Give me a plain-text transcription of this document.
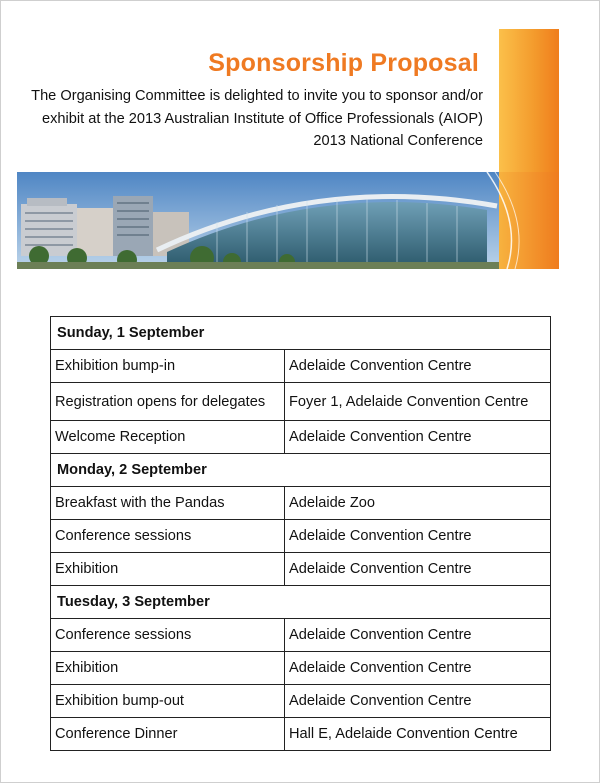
Sponsorship Proposal
The Organising Committee is delighted to invite you to sponsor and/or
exhibit at the 2013 Australian Institute of Office Professionals (AIOP)
2013 National Conference
Sunday, 1 September	
Exhibition bump-in	Adelaide Convention Centre
Registration opens for delegates	Foyer 1, Adelaide Convention Centre
Welcome Reception	Adelaide Convention Centre
Monday, 2 September	
Breakfast with the Pandas	Adelaide Zoo
Conference sessions	Adelaide Convention Centre
Exhibition	Adelaide Convention Centre
Tuesday, 3 September	
Conference sessions	Adelaide Convention Centre
Exhibition	Adelaide Convention Centre
Exhibition bump-out	Adelaide Convention Centre
Conference Dinner	Hall E, Adelaide Convention Centre
